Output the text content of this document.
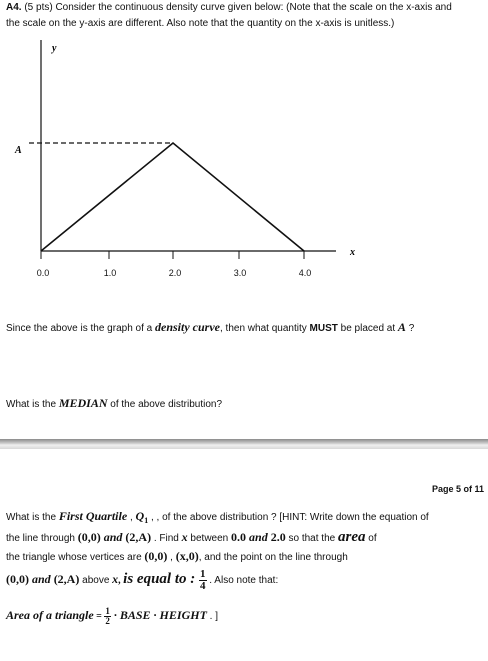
A4. (5 pts) Consider the continuous density curve given below: (Note that the scale on the x-axis and
the scale on the y-axis are different. Also note that the quantity on the x-axis is unitless.)
y
x
A
0.0	1.0	2.0	3.0	4.0
Since the above is the graph of a density curve, then what quantity MUST be placed at A ?
What is the MEDIAN of the above distribution?
Page 5 of 11
What is the First Quartile , $Q_1$ , , of the above distribution ? [HINT: Write down the equation of
the line through (0,0) and (2,A) . Find x between 0.0 and 2.0 so that the area of
the triangle whose vertices are (0,0) , (x,0), and the point on the line through
(0,0) and (2,A) above x, is equal to : $\frac{1}{4}$ . Also note that:
Area of a triangle = $\frac{1}{2}$ · BASE · HEIGHT . ]
